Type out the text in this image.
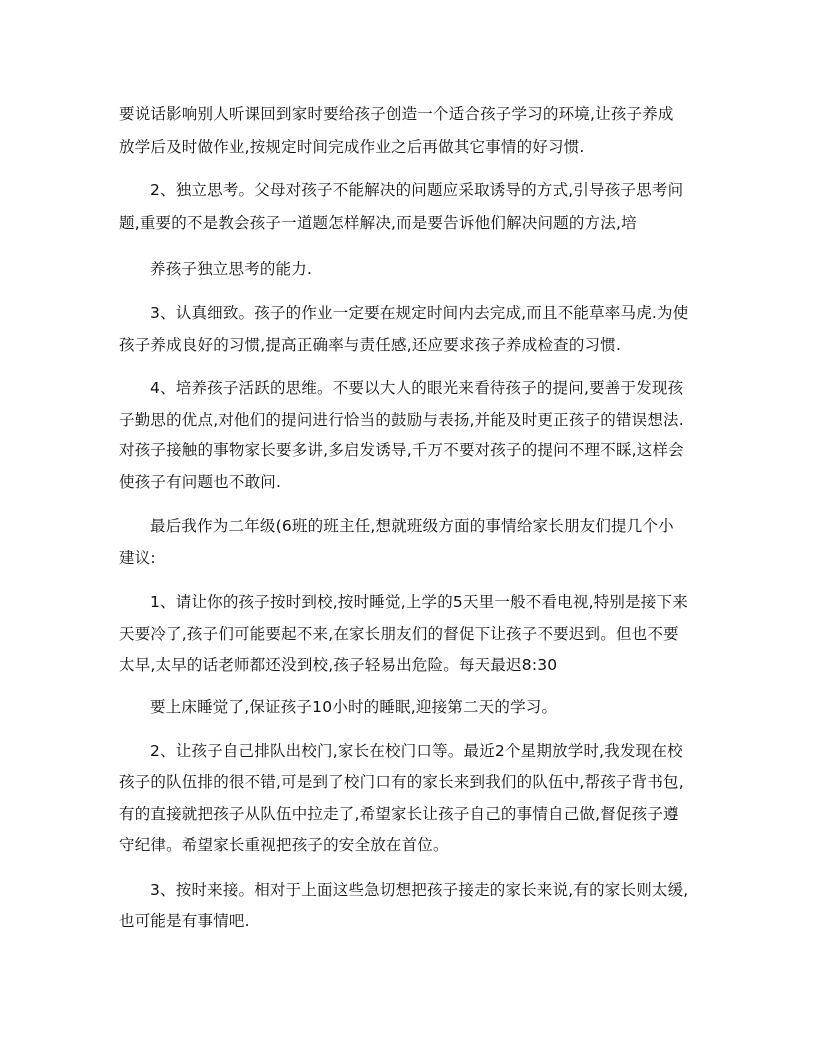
要说话影响别人听课回到家时要给孩子创造一个适合孩子学习的环境,让孩子养成
放学后及时做作业,按规定时间完成作业之后再做其它事情的好习惯.
2、独立思考。父母对孩子不能解决的问题应采取诱导的方式,引导孩子思考问
题,重要的不是教会孩子一道题怎样解决,而是要告诉他们解决问题的方法,培
养孩子独立思考的能力.
3、认真细致。孩子的作业一定要在规定时间内去完成,而且不能草率马虎.为使
孩子养成良好的习惯,提高正确率与责任感,还应要求孩子养成检查的习惯.
4、培养孩子活跃的思维。不要以大人的眼光来看待孩子的提问,要善于发现孩
子勤思的优点,对他们的提问进行恰当的鼓励与表扬,并能及时更正孩子的错误想法.
对孩子接触的事物家长要多讲,多启发诱导,千万不要对孩子的提问不理不睬,这样会
使孩子有问题也不敢问.
最后我作为二年级(6班的班主任,想就班级方面的事情给家长朋友们提几个小
建议:
1、请让你的孩子按时到校,按时睡觉,上学的5天里一般不看电视,特别是接下来
天要冷了,孩子们可能要起不来,在家长朋友们的督促下让孩子不要迟到。但也不要
太早,太早的话老师都还没到校,孩子轻易出危险。每天最迟8:30
要上床睡觉了,保证孩子10小时的睡眠,迎接第二天的学习。
2、让孩子自己排队出校门,家长在校门口等。最近2个星期放学时,我发现在校
孩子的队伍排的很不错,可是到了校门口有的家长来到我们的队伍中,帮孩子背书包,
有的直接就把孩子从队伍中拉走了,希望家长让孩子自己的事情自己做,督促孩子遵
守纪律。希望家长重视把孩子的安全放在首位。
3、按时来接。相对于上面这些急切想把孩子接走的家长来说,有的家长则太缓,
也可能是有事情吧.
